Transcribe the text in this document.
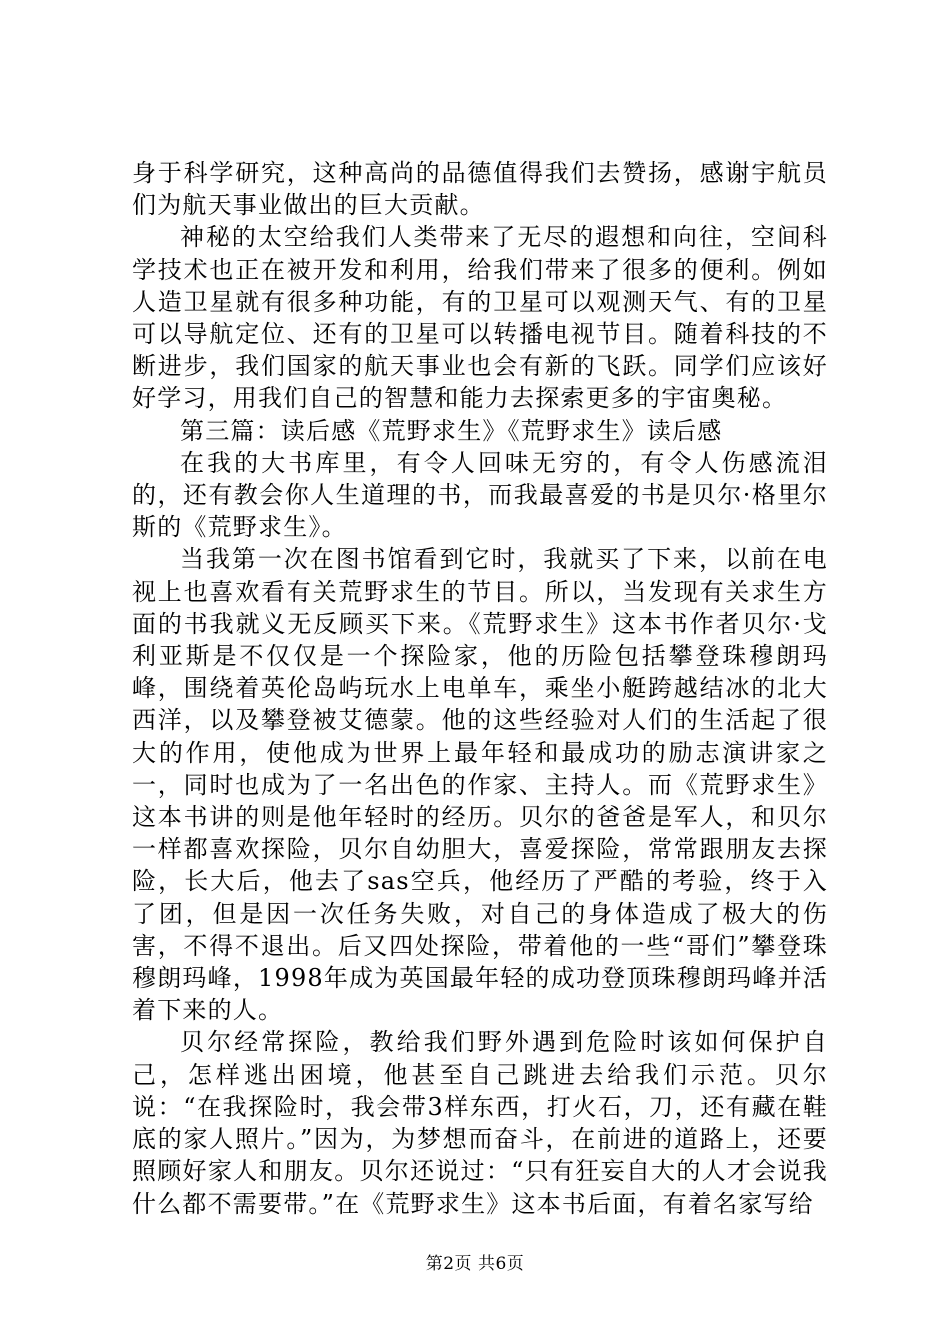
身于科学研究，这种高尚的品德值得我们去赞扬，感谢宇航员们为航天事业做出的巨大贡献。

神秘的太空给我们人类带来了无尽的遐想和向往，空间科学技术也正在被开发和利用，给我们带来了很多的便利。例如人造卫星就有很多种功能，有的卫星可以观测天气、有的卫星可以导航定位、还有的卫星可以转播电视节目。随着科技的不断进步，我们国家的航天事业也会有新的飞跃。同学们应该好好学习，用我们自己的智慧和能力去探索更多的宇宙奥秘。

第三篇：读后感《荒野求生》《荒野求生》读后感

在我的大书库里，有令人回味无穷的，有令人伤感流泪的，还有教会你人生道理的书，而我最喜爱的书是贝尔·格里尔斯的《荒野求生》。

当我第一次在图书馆看到它时，我就买了下来，以前在电视上也喜欢看有关荒野求生的节目。所以，当发现有关求生方面的书我就义无反顾买下来。《荒野求生》这本书作者贝尔·戈利亚斯是不仅仅是一个探险家，他的历险包括攀登珠穆朗玛峰，围绕着英伦岛屿玩水上电单车，乘坐小艇跨越结冰的北大西洋，以及攀登被艾德蒙。他的这些经验对人们的生活起了很大的作用，使他成为世界上最年轻和最成功的励志演讲家之一，同时也成为了一名出色的作家、主持人。而《荒野求生》这本书讲的则是他年轻时的经历。贝尔的爸爸是军人，和贝尔一样都喜欢探险，贝尔自幼胆大，喜爱探险，常常跟朋友去探险，长大后，他去了sas空兵，他经历了严酷的考验，终于入了团，但是因一次任务失败，对自己的身体造成了极大的伤害，不得不退出。后又四处探险，带着他的一些“哥们”攀登珠穆朗玛峰，1998年成为英国最年轻的成功登顶珠穆朗玛峰并活着下来的人。

贝尔经常探险，教给我们野外遇到危险时该如何保护自己，怎样逃出困境，他甚至自己跳进去给我们示范。贝尔说：“在我探险时，我会带3样东西，打火石，刀，还有藏在鞋底的家人照片。”因为，为梦想而奋斗，在前进的道路上，还要照顾好家人和朋友。贝尔还说过：“只有狂妄自大的人才会说我什么都不需要带。”在《荒野求生》这本书后面，有着名家写给

第2页 共6页
